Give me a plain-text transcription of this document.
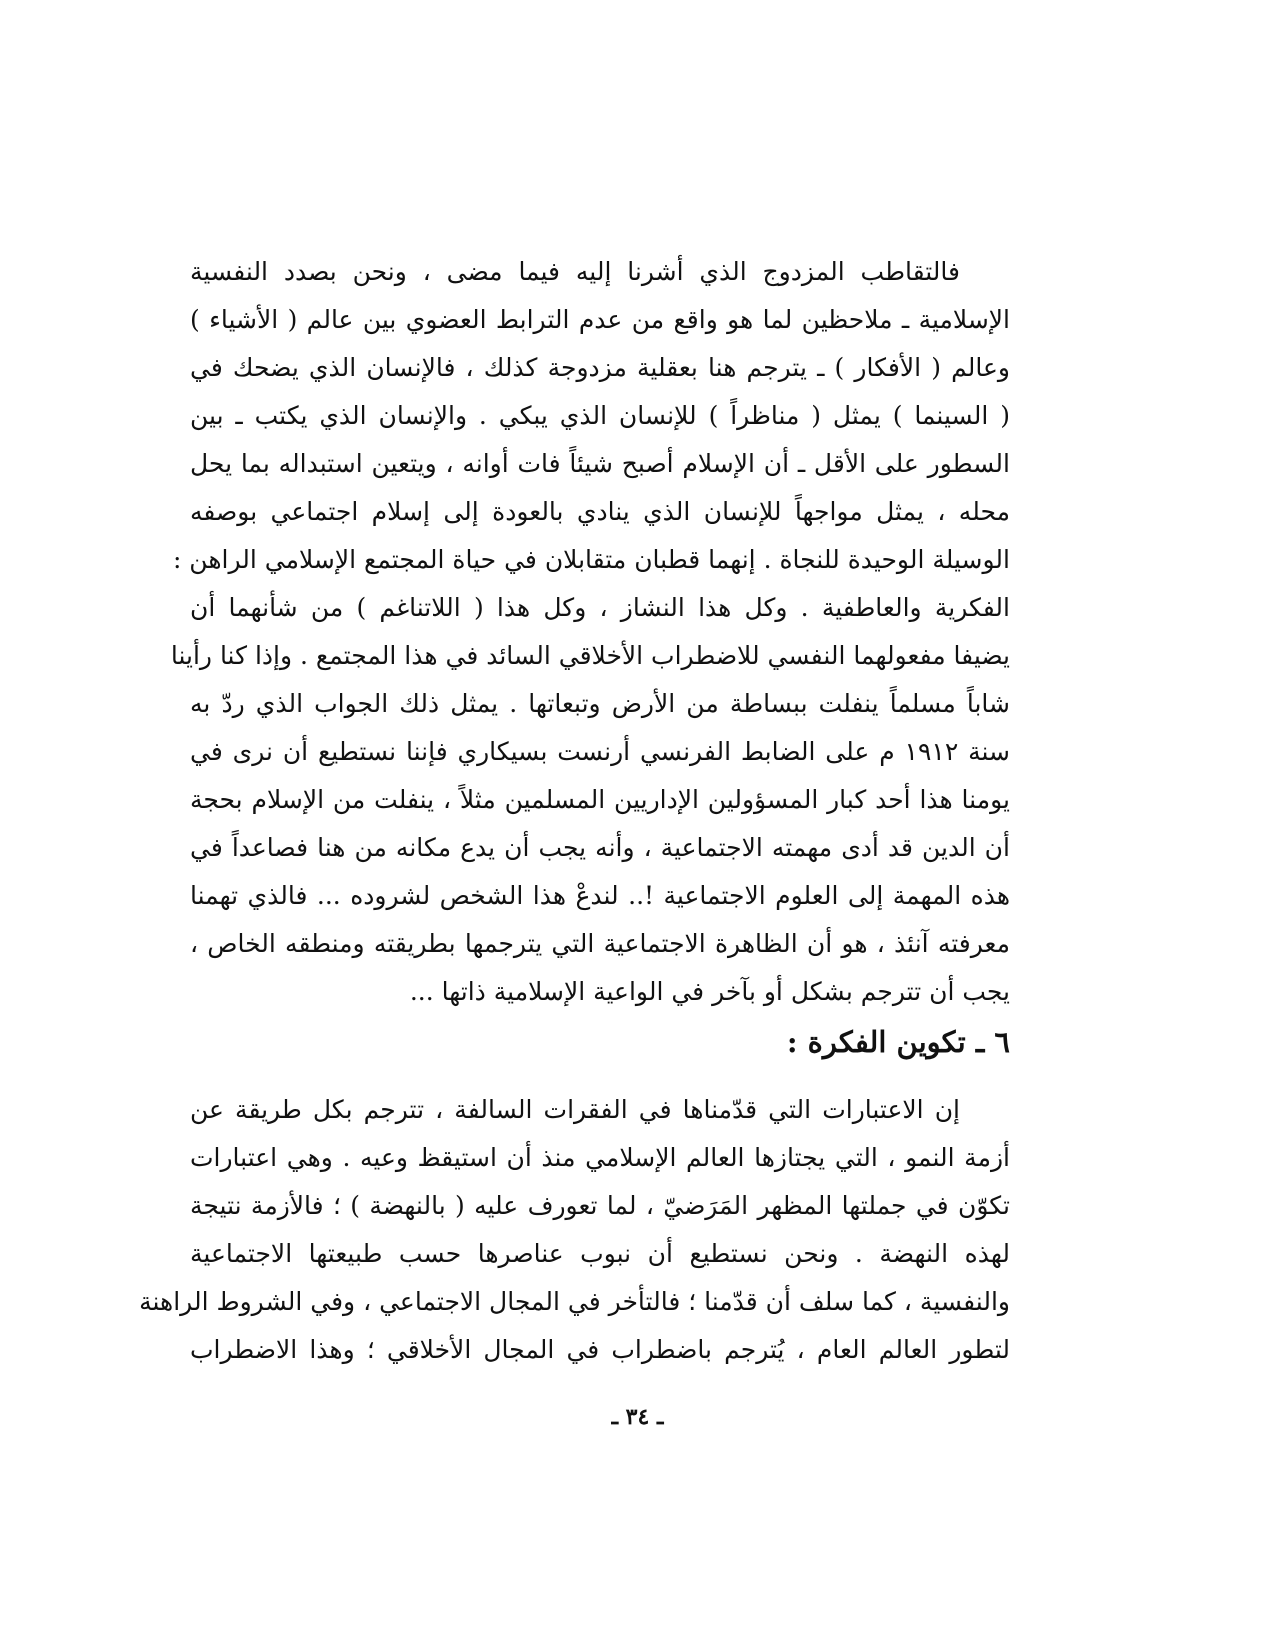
فالتقاطب المزدوج الذي أشرنا إليه فيما مضى ، ونحن بصدد النفسية
الإسلامية ـ ملاحظين لما هو واقع من عدم الترابط العضوي بين عالم ( الأشياء )
وعالم ( الأفكار ) ـ يترجم هنا بعقلية مزدوجة كذلك ، فالإنسان الذي يضحك في
( السينما ) يمثل ( مناظراً ) للإنسان الذي يبكي . والإنسان الذي يكتب ـ بين
السطور على الأقل ـ أن الإسلام أصبح شيئاً فات أوانه ، ويتعين استبداله بما يحل
محله ، يمثل مواجهاً للإنسان الذي ينادي بالعودة إلى إسلام اجتماعي بوصفه
الوسيلة الوحيدة للنجاة . إنهما قطبان متقابلان في حياة المجتمع الإسلامي الراهن :
الفكرية والعاطفية . وكل هذا النشاز ، وكل هذا ( اللاتناغم ) من شأنهما أن
يضيفا مفعولهما النفسي للاضطراب الأخلاقي السائد في هذا المجتمع . وإذا كنا رأينا
شاباً مسلماً ينفلت ببساطة من الأرض وتبعاتها . يمثل ذلك الجواب الذي ردّ به
سنة ١٩١٢ م على الضابط الفرنسي أرنست بسيكاري فإننا نستطيع أن نرى في
يومنا هذا أحد كبار المسؤولين الإداريين المسلمين مثلاً ، ينفلت من الإسلام بحجة
أن الدين قد أدى مهمته الاجتماعية ، وأنه يجب أن يدع مكانه من هنا فصاعداً في
هذه المهمة إلى العلوم الاجتماعية !.. لندعْ هذا الشخص لشروده ... فالذي تهمنا
معرفته آنئذ ، هو أن الظاهرة الاجتماعية التي يترجمها بطريقته ومنطقه الخاص ،
يجب أن تترجم بشكل أو بآخر في الواعية الإسلامية ذاتها ...
٦ ـ تكوين الفكرة :
إن الاعتبارات التي قدّمناها في الفقرات السالفة ، تترجم بكل طريقة عن
أزمة النمو ، التي يجتازها العالم الإسلامي منذ أن استيقظ وعيه . وهي اعتبارات
تكوّن في جملتها المظهر المَرَضيّ ، لما تعورف عليه ( بالنهضة ) ؛ فالأزمة نتيجة
لهذه النهضة . ونحن نستطيع أن نبوب عناصرها حسب طبيعتها الاجتماعية
والنفسية ، كما سلف أن قدّمنا ؛ فالتأخر في المجال الاجتماعي ، وفي الشروط الراهنة
لتطور العالم العام ، يُترجم باضطراب في المجال الأخلاقي ؛ وهذا الاضطراب
ـ ٣٤ ـ
